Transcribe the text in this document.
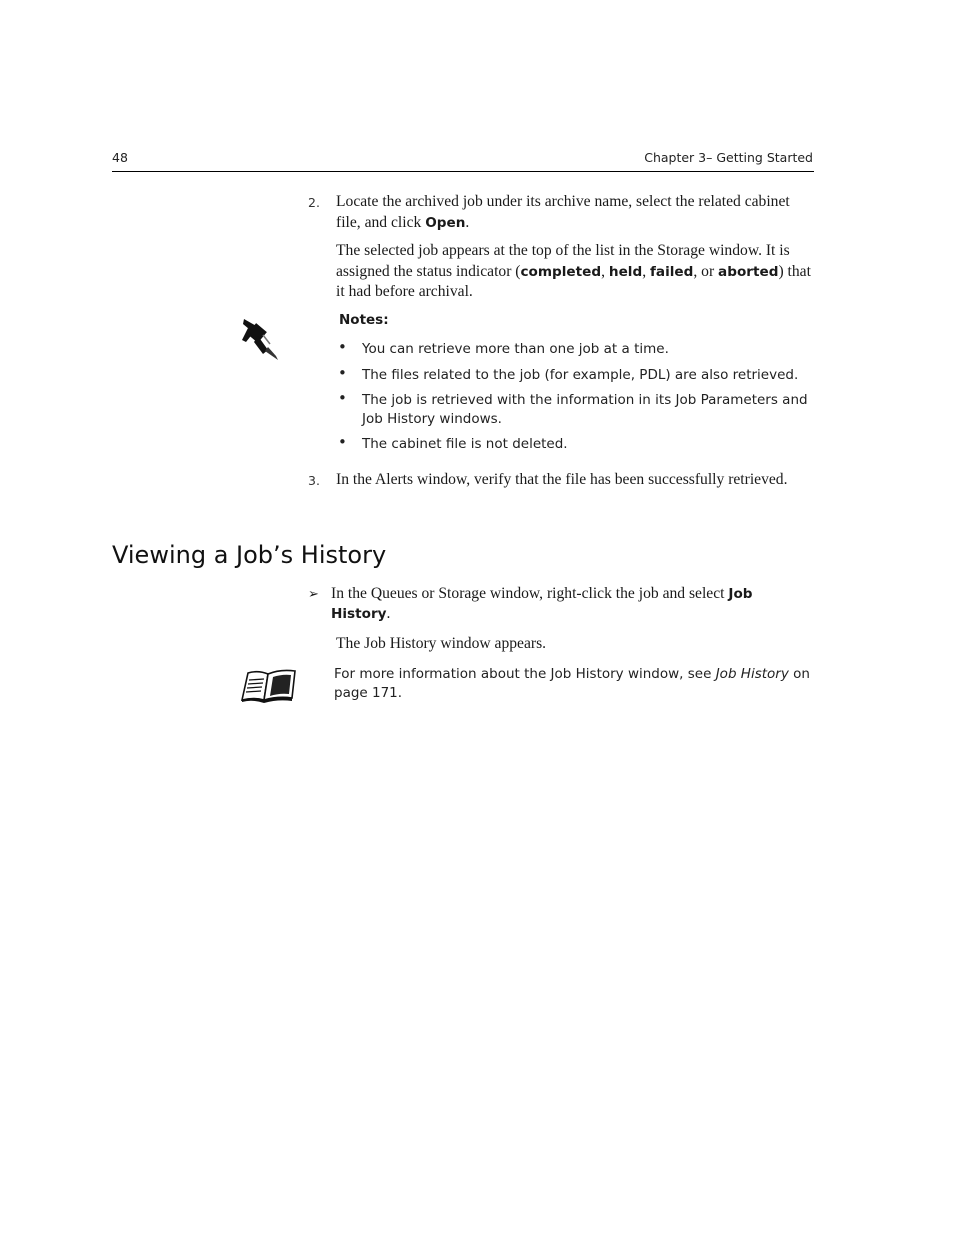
48	Chapter 3– Getting Started
2. Locate the archived job under its archive name, select the related cabinet file, and click Open.
The selected job appears at the top of the list in the Storage window. It is assigned the status indicator (completed, held, failed, or aborted) that it had before archival.
Notes:
• You can retrieve more than one job at a time.
• The files related to the job (for example, PDL) are also retrieved.
• The job is retrieved with the information in its Job Parameters and Job History windows.
• The cabinet file is not deleted.
3. In the Alerts window, verify that the file has been successfully retrieved.
Viewing a Job’s History
➢ In the Queues or Storage window, right-click the job and select Job History.
The Job History window appears.
For more information about the Job History window, see Job History on page 171.
